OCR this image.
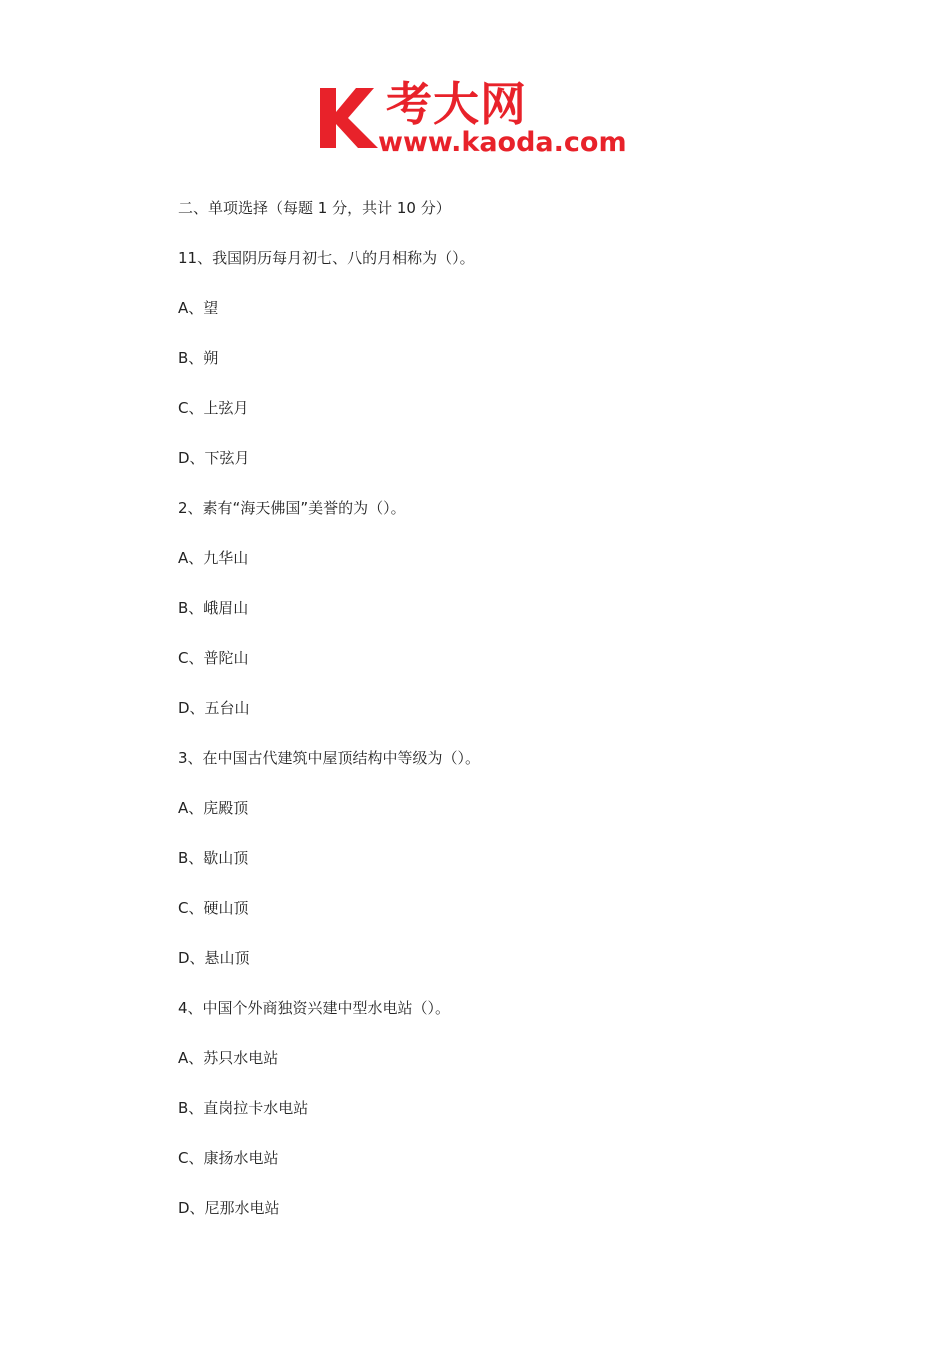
考大网
www.kaoda.com
二、单项选择（每题 1 分，共计 10 分）
11、我国阴历每月初七、八的月相称为（）。
A、望
B、朔
C、上弦月
D、下弦月
2、素有“海天佛国”美誉的为（）。
A、九华山
B、峨眉山
C、普陀山
D、五台山
3、在中国古代建筑中屋顶结构中等级为（）。
A、庑殿顶
B、歇山顶
C、硬山顶
D、悬山顶
4、中国个外商独资兴建中型水电站（）。
A、苏只水电站
B、直岗拉卡水电站
C、康扬水电站
D、尼那水电站
